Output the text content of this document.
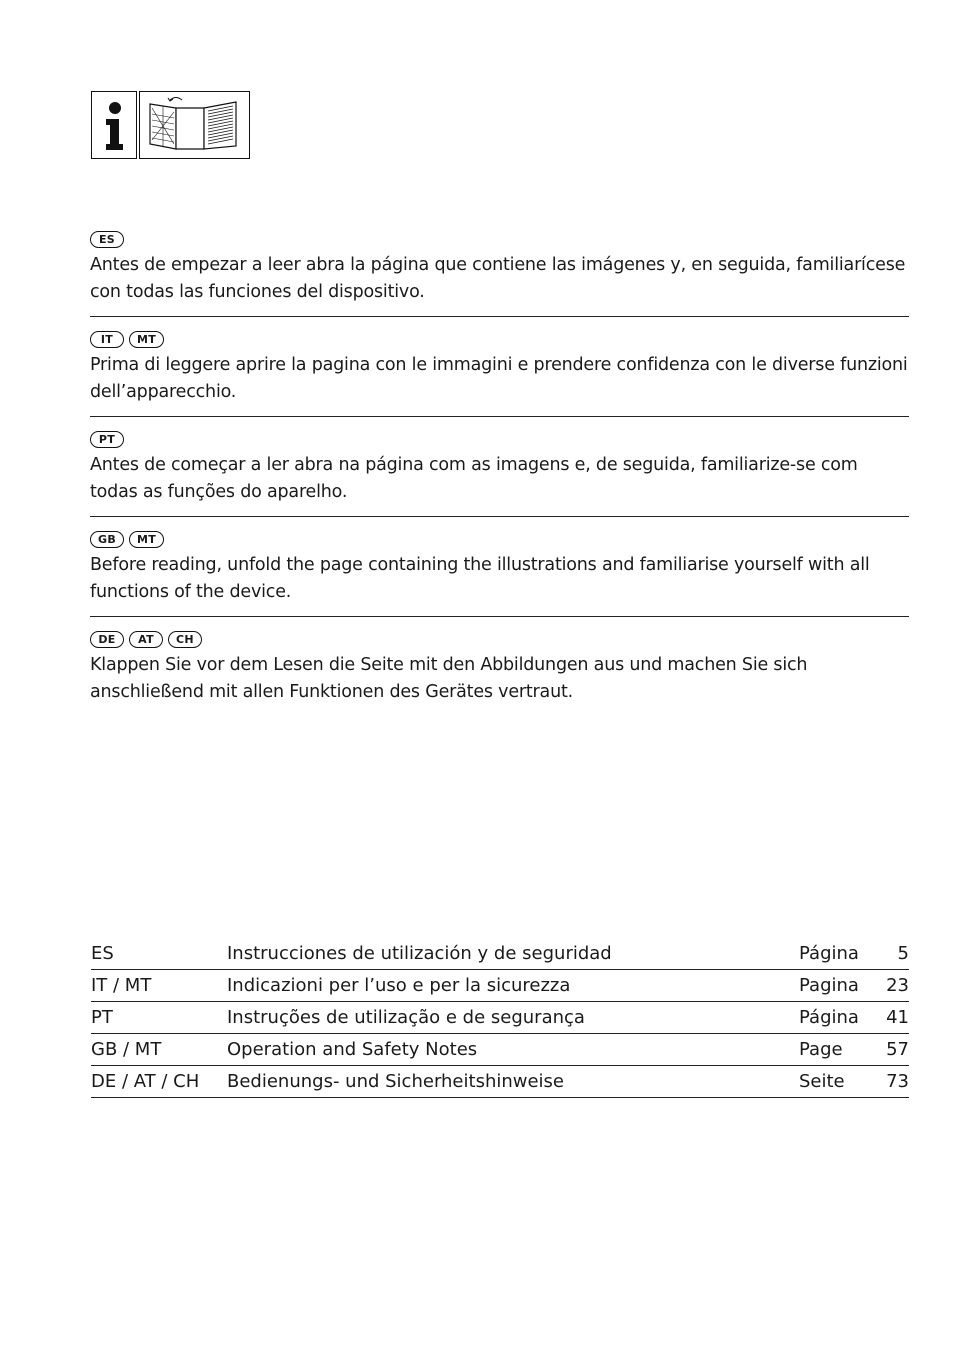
ES

Antes de empezar a leer abra la página que contiene las imágenes y, en seguida, familiarícese con todas las funciones del dispositivo.

IT	MT

Prima di leggere aprire la pagina con le immagini e prendere confidenza con le diverse funzioni dell’apparecchio.

PT

Antes de começar a ler abra na página com as imagens e, de seguida, familiarize-se com todas as funções do aparelho.

GB	MT

Before reading, unfold the page containing the illustrations and familiarise yourself with all functions of the device.

DE	AT	CH

Klappen Sie vor dem Lesen die Seite mit den Abbildungen aus und machen Sie sich anschließend mit allen Funktionen des Gerätes vertraut.

ES	Instrucciones de utilización y de seguridad	Página	5
IT / MT	Indicazioni per l’uso e per la sicurezza	Pagina	23
PT	Instruções de utilização e de segurança	Página	41
GB / MT	Operation and Safety Notes	Page	57
DE / AT / CH	Bedienungs- und Sicherheitshinweise	Seite	73
